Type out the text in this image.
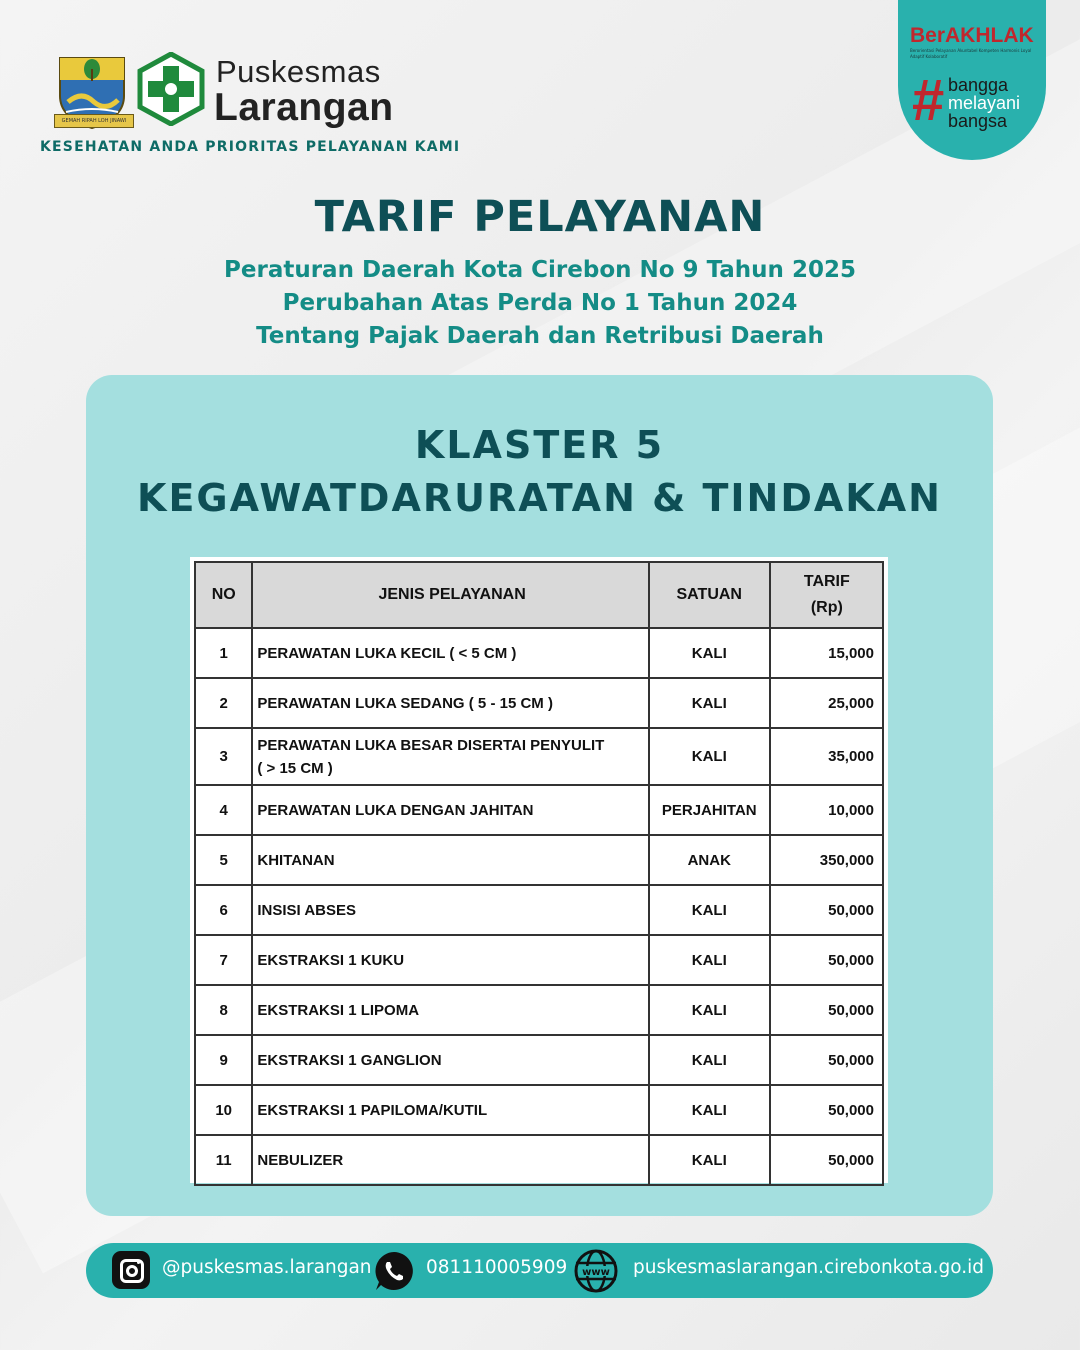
GEMAH RIPAH LOH JINAWI
Puskesmas
Larangan
KESEHATAN ANDA PRIORITAS PELAYANAN KAMI
BerAKHLAK
Berorientasi Pelayanan Akuntabel Kompeten Harmonis Loyal Adaptif Kolaboratif
# bangga
melayani
bangsa
TARIF PELAYANAN
Peraturan Daerah Kota Cirebon No 9 Tahun 2025
Perubahan Atas Perda No 1 Tahun 2024
Tentang Pajak Daerah dan Retribusi Daerah
KLASTER 5
KEGAWATDARURATAN & TINDAKAN
NO	JENIS PELAYANAN	SATUAN	TARIF
(Rp)

1	PERAWATAN LUKA KECIL ( < 5 CM )	KALI	15,000
2	PERAWATAN LUKA SEDANG ( 5 - 15 CM )	KALI	25,000
3	PERAWATAN LUKA BESAR DISERTAI PENYULIT
( > 15 CM )	KALI	35,000
4	PERAWATAN LUKA DENGAN JAHITAN	PERJAHITAN	10,000
5	KHITANAN	ANAK	350,000
6	INSISI ABSES	KALI	50,000
7	EKSTRAKSI 1 KUKU	KALI	50,000
8	EKSTRAKSI 1 LIPOMA	KALI	50,000
9	EKSTRAKSI 1 GANGLION	KALI	50,000
10	EKSTRAKSI 1 PAPILOMA/KUTIL	KALI	50,000
11	NEBULIZER	KALI	50,000
@puskesmas.larangan	081110005909 www puskesmaslarangan.cirebonkota.go.id
